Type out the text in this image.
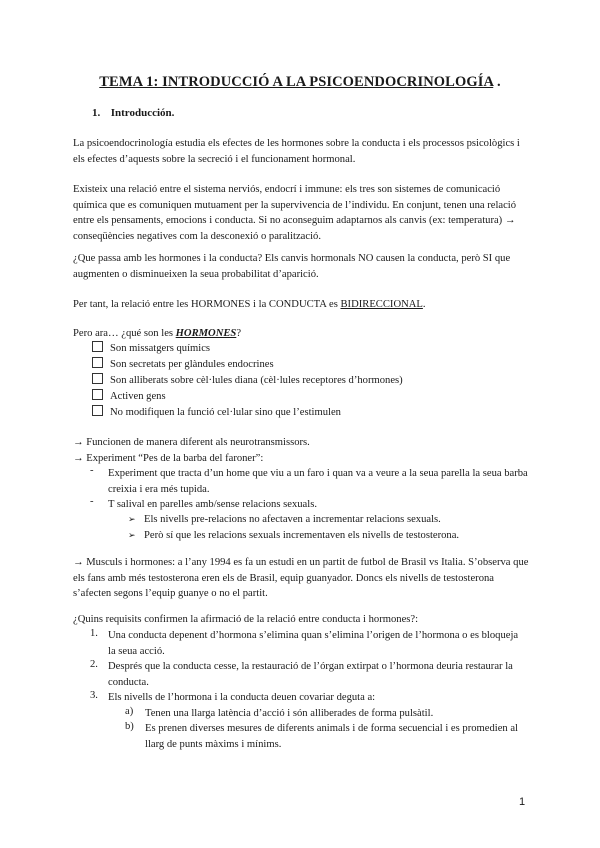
TEMA 1: INTRODUCCIÓ A LA PSICOENDOCRINOLOGÍA .
1. Introducción.
La psicoendocrinología estudia els efectes de les hormones sobre la conducta i els processos psicològics i els efectes d’aquests sobre la secreció i el funcionament hormonal.
Existeix una relació entre el sistema nerviós, endocrí i immune: els tres son sistemes de comunicació química que es comuniquen mutuament per la supervivencia de l’individu. En conjunt, tenen una relació entre els pensaments, emocions i conducta. Si no aconseguim adaptarnos als canvis (ex: temperatura) → conseqüències negatives com la desconexió o paralització.
¿Que passa amb les hormones i la conducta? Els canvis hormonals NO causen la conducta, però SI que augmenten o disminueixen la seua probabilitat d’aparició.
Per tant, la relació entre les HORMONES i la CONDUCTA es BIDIRECCIONAL.
Pero ara… ¿qué son les HORMONES?
Son missatgers químics
Son secretats per glàndules endocrines
Son alliberats sobre cèl·lules diana (cèl·lules receptores d’hormones)
Activen gens
No modifiquen la funció cel·lular sino que l’estimulen
→ Funcionen de manera diferent als neurotransmissors.
→ Experiment “Pes de la barba del faroner”:
- Experiment que tracta d’un home que viu a un faro i quan va a veure a la seua parella la seua barba creixia i era més tupida.
- T salival en parelles amb/sense relacions sexuals.
➢ Els nivells pre-relacions no afectaven a incrementar relacions sexuals.
➢ Però sí que les relacions sexuals incrementaven els nivells de testosterona.
→ Musculs i hormones: a l’any 1994 es fa un estudi en un partit de futbol de Brasil vs Italia. S’observa que els fans amb més testosterona eren els de Brasil, equip guanyador. Doncs els nivells de testosterona s’afecten segons l’equip guanye o no el partit.
¿Quins requisits confirmen la afirmació de la relació entre conducta i hormones?:
1. Una conducta depenent d’hormona s’elimina quan s’elimina l’origen de l’hormona o es bloqueja la seua acció.
2. Després que la conducta cesse, la restauració de l’órgan extirpat o l’hormona deuria restaurar la conducta.
3. Els nivells de l’hormona i la conducta deuen covariar deguta a:
a) Tenen una llarga latència d’acció i són alliberades de forma pulsàtil.
b) Es prenen diverses mesures de diferents animals i de forma secuencial i es promedien al llarg de punts màxims i mínims.
1
